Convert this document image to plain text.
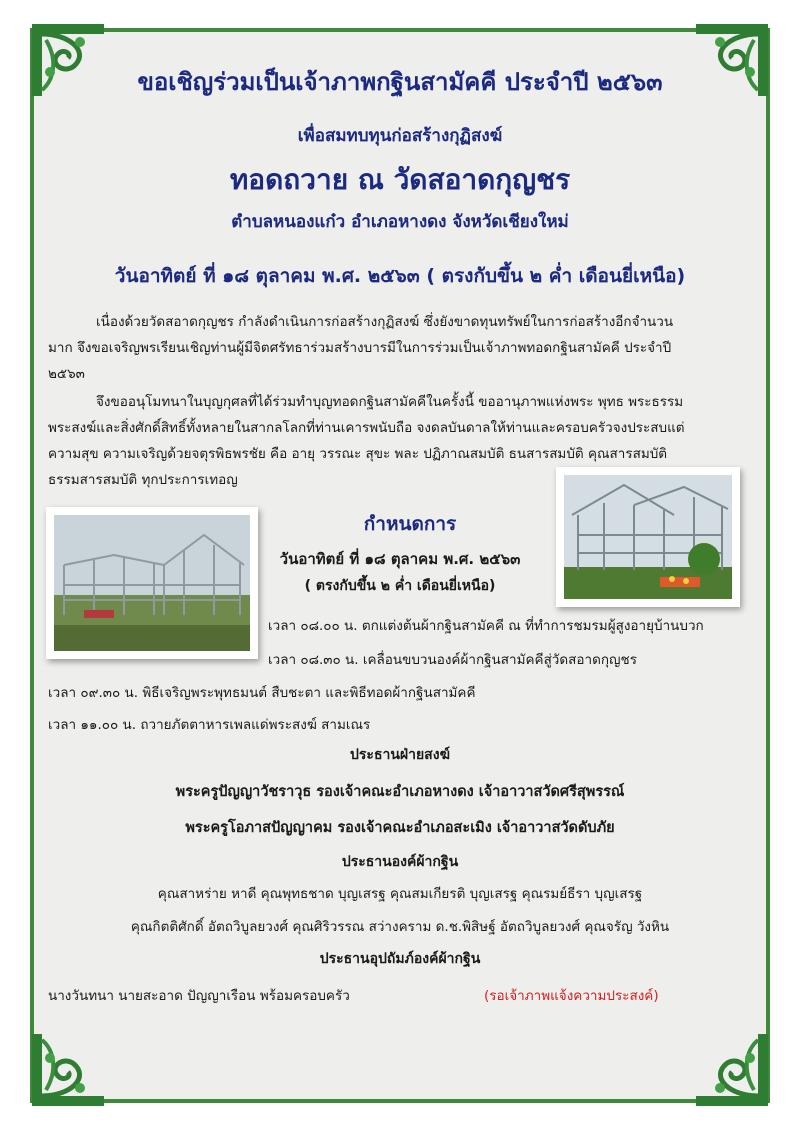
ขอเชิญร่วมเป็นเจ้าภาพกฐินสามัคคี ประจำปี ๒๕๖๓
เพื่อสมทบทุนก่อสร้างกุฏิสงฆ์
ทอดถวาย ณ วัดสอาดกุญชร
ตำบลหนองแก๋ว อำเภอหางดง จังหวัดเชียงใหม่
วันอาทิตย์ ที่ ๑๘ ตุลาคม พ.ศ. ๒๕๖๓ ( ตรงกับขึ้น ๒ ค่ำ เดือนยี่เหนือ)
เนื่องด้วยวัดสอาดกุญชร กำลังดำเนินการก่อสร้างกุฏิสงฆ์ ซึ่งยังขาดทุนทรัพย์ในการก่อสร้างอีกจำนวน
มาก จึงขอเจริญพรเรียนเชิญท่านผู้มีจิตศรัทธาร่วมสร้างบารมีในการร่วมเป็นเจ้าภาพทอดกฐินสามัคคี ประจำปี
๒๕๖๓
จึงขออนุโมทนาในบุญกุศลที่ได้ร่วมทำบุญทอดกฐินสามัคคีในครั้งนี้ ขออานุภาพแห่งพระ พุทธ พระธรรม
พระสงฆ์และสิ่งศักดิ์สิทธิ์ทั้งหลายในสากลโลกที่ท่านเคารพนับถือ จงดลบันดาลให้ท่านและครอบครัวจงประสบแต่
ความสุข ความเจริญด้วยจตุรพิธพรชัย คือ อายุ วรรณะ สุขะ พละ ปฏิภาณสมบัติ ธนสารสมบัติ คุณสารสมบัติ
ธรรมสารสมบัติ ทุกประการเทอญ
กำหนดการ
วันอาทิตย์ ที่ ๑๘ ตุลาคม พ.ศ. ๒๕๖๓
( ตรงกับขึ้น ๒ ค่ำ เดือนยี่เหนือ)
เวลา ๐๘.๐๐ น. ตกแต่งต้นผ้ากฐินสามัคคี ณ ที่ทำการชมรมผู้สูงอายุบ้านบวก
เวลา ๐๘.๓๐ น. เคลื่อนขบวนองค์ผ้ากฐินสามัคคีสู่วัดสอาดกุญชร
เวลา ๐๙.๓๐ น. พิธีเจริญพระพุทธมนต์ สืบชะตา และพิธีทอดผ้ากฐินสามัคคี
เวลา ๑๑.๐๐ น. ถวายภัตตาหารเพลแด่พระสงฆ์ สามเณร
ประธานฝ่ายสงฆ์
พระครูปัญญาวัชราวุธ รองเจ้าคณะอำเภอหางดง เจ้าอาวาสวัดศรีสุพรรณ์
พระครูโอภาสปัญญาคม รองเจ้าคณะอำเภอสะเมิง เจ้าอาวาสวัดดับภัย
ประธานองค์ผ้ากฐิน
คุณสาหร่าย หาดี คุณพุทธชาด บุญเสรฐ คุณสมเกียรติ บุญเสรฐ คุณรมย์ธีรา บุญเสรฐ
คุณกิตติศักดิ์ อัตถวิบูลยวงศ์ คุณศิริวรรณ สว่างคราม ด.ช.พิสิษฐ์ อัตถวิบูลยวงศ์ คุณจรัญ วังหิน
ประธานอุปถัมภ์องค์ผ้ากฐิน
นางวันทนา นายสะอาด ปัญญาเรือน พร้อมครอบครัว	(รอเจ้าภาพแจ้งความประสงค์)
